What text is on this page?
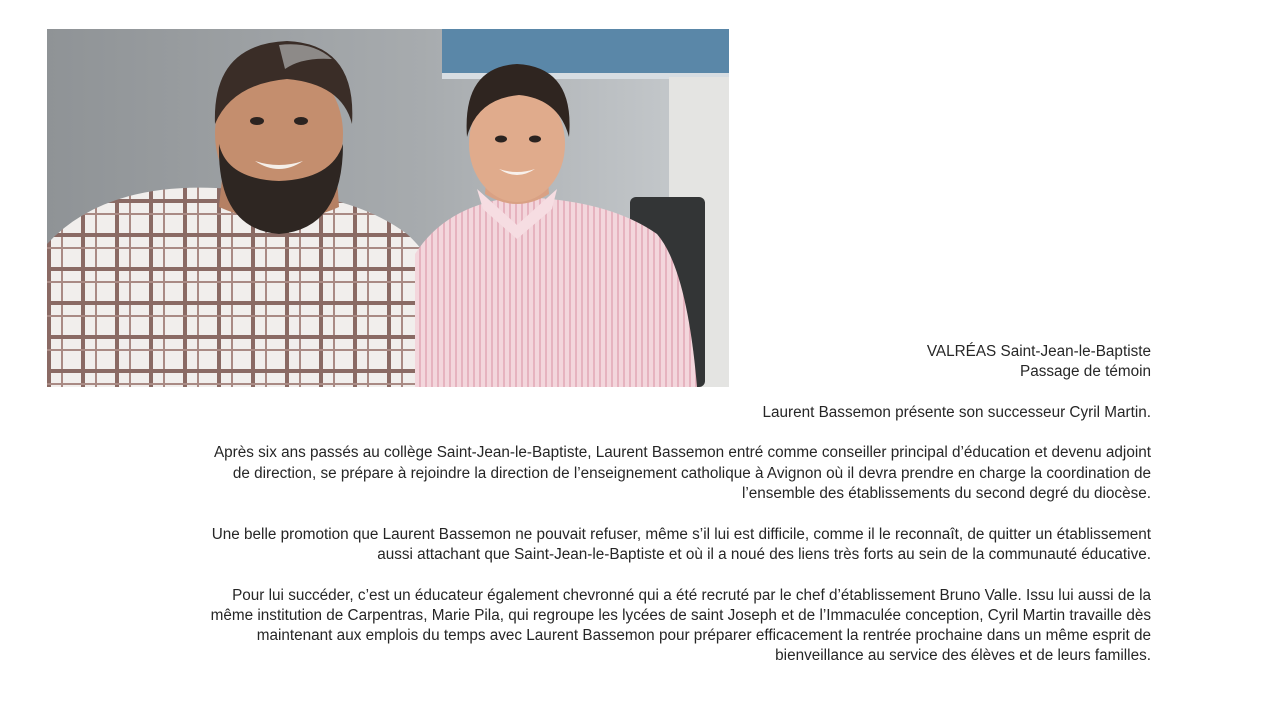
VALRÉAS Saint-Jean-le-Baptiste

Passage de témoin

Laurent Bassemon présente son successeur Cyril Martin.

Après six ans passés au collège Saint-Jean-le-Baptiste, Laurent Bassemon entré comme conseiller principal d’éducation et devenu adjoint de direction, se prépare à rejoindre la direction de l’enseignement catholique à Avignon où il devra prendre en charge la coordination de l’ensemble des établissements du second degré du diocèse.

Une belle promotion que Laurent Bassemon ne pouvait refuser, même s’il lui est difficile, comme il le reconnaît, de quitter un établissement aussi attachant que Saint-Jean-le-Baptiste et où il a noué des liens très forts au sein de la communauté éducative.

Pour lui succéder, c’est un éducateur également chevronné qui a été recruté par le chef d’établissement Bruno Valle. Issu lui aussi de la même institution de Carpentras, Marie Pila, qui regroupe les lycées de saint Joseph et de l’Immaculée conception, Cyril Martin travaille dès maintenant aux emplois du temps avec Laurent Bassemon pour préparer efficacement la rentrée prochaine dans un même esprit de bienveillance au service des élèves et de leurs familles.
